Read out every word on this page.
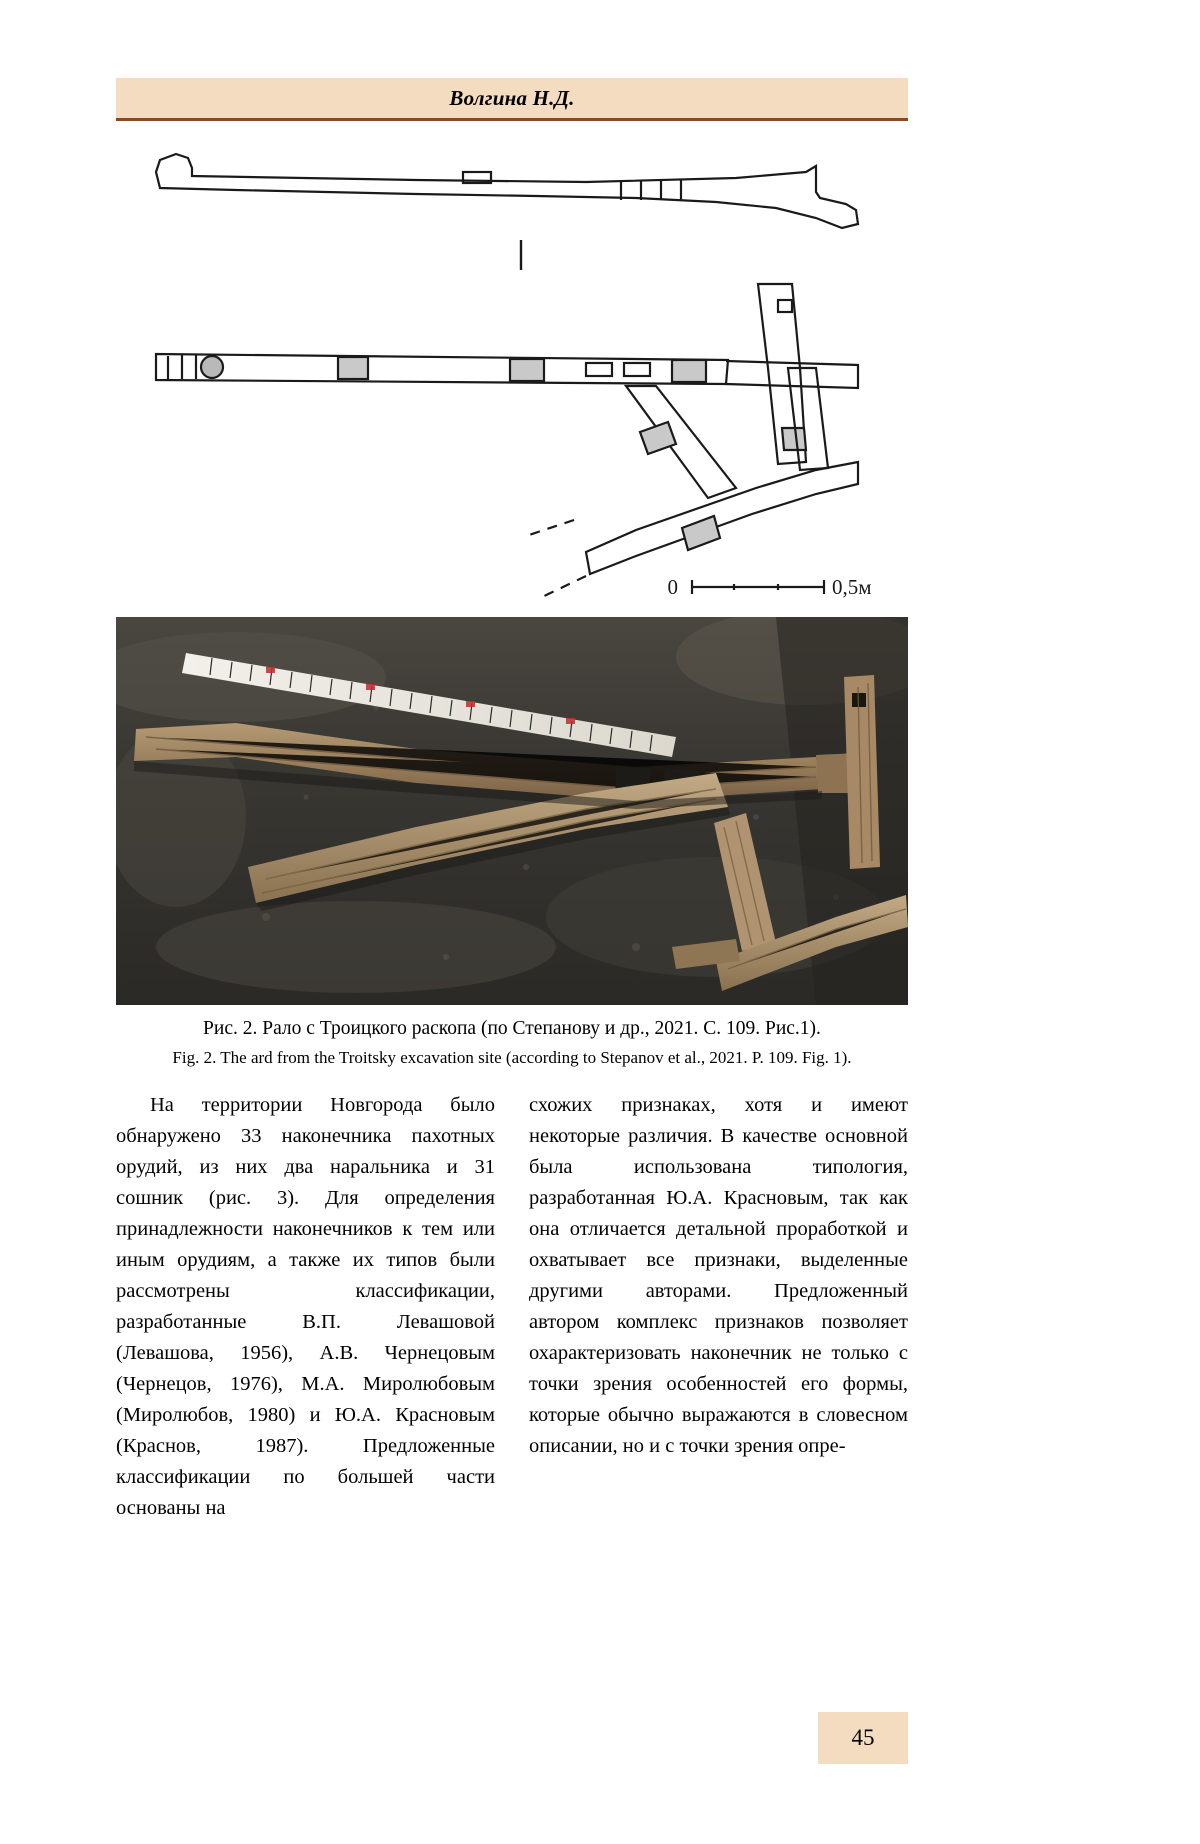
Волгина Н.Д.
0	0,5м
Рис. 2. Рало с Троицкого раскопа (по Степанову и др., 2021. С. 109. Рис.1).
Fig. 2. The ard from the Troitsky excavation site (according to Stepanov et al., 2021. P. 109. Fig. 1).

На территории Новгорода было обнаружено 33 наконечника пахотных орудий, из них два наральника и 31 сошник (рис. 3). Для определения принадлежности наконечников к тем или иным орудиям, а также их типов были рассмотрены классификации, разработанные В.П. Левашовой (Левашова, 1956), А.В. Чернецовым (Чернецов, 1976), М.А. Миролюбовым (Миролюбов, 1980) и Ю.А. Красновым (Краснов, 1987). Предложенные классификации по большей части основаны на

схожих признаках, хотя и имеют некоторые различия. В качестве основной была использована типология, разработанная Ю.А. Красновым, так как она отличается детальной проработкой и охватывает все признаки, выделенные другими авторами. Предложенный автором комплекс признаков позволяет охарактеризовать наконечник не только с точки зрения особенностей его формы, которые обычно выражаются в словесном описании, но и с точки зрения опре-

45
